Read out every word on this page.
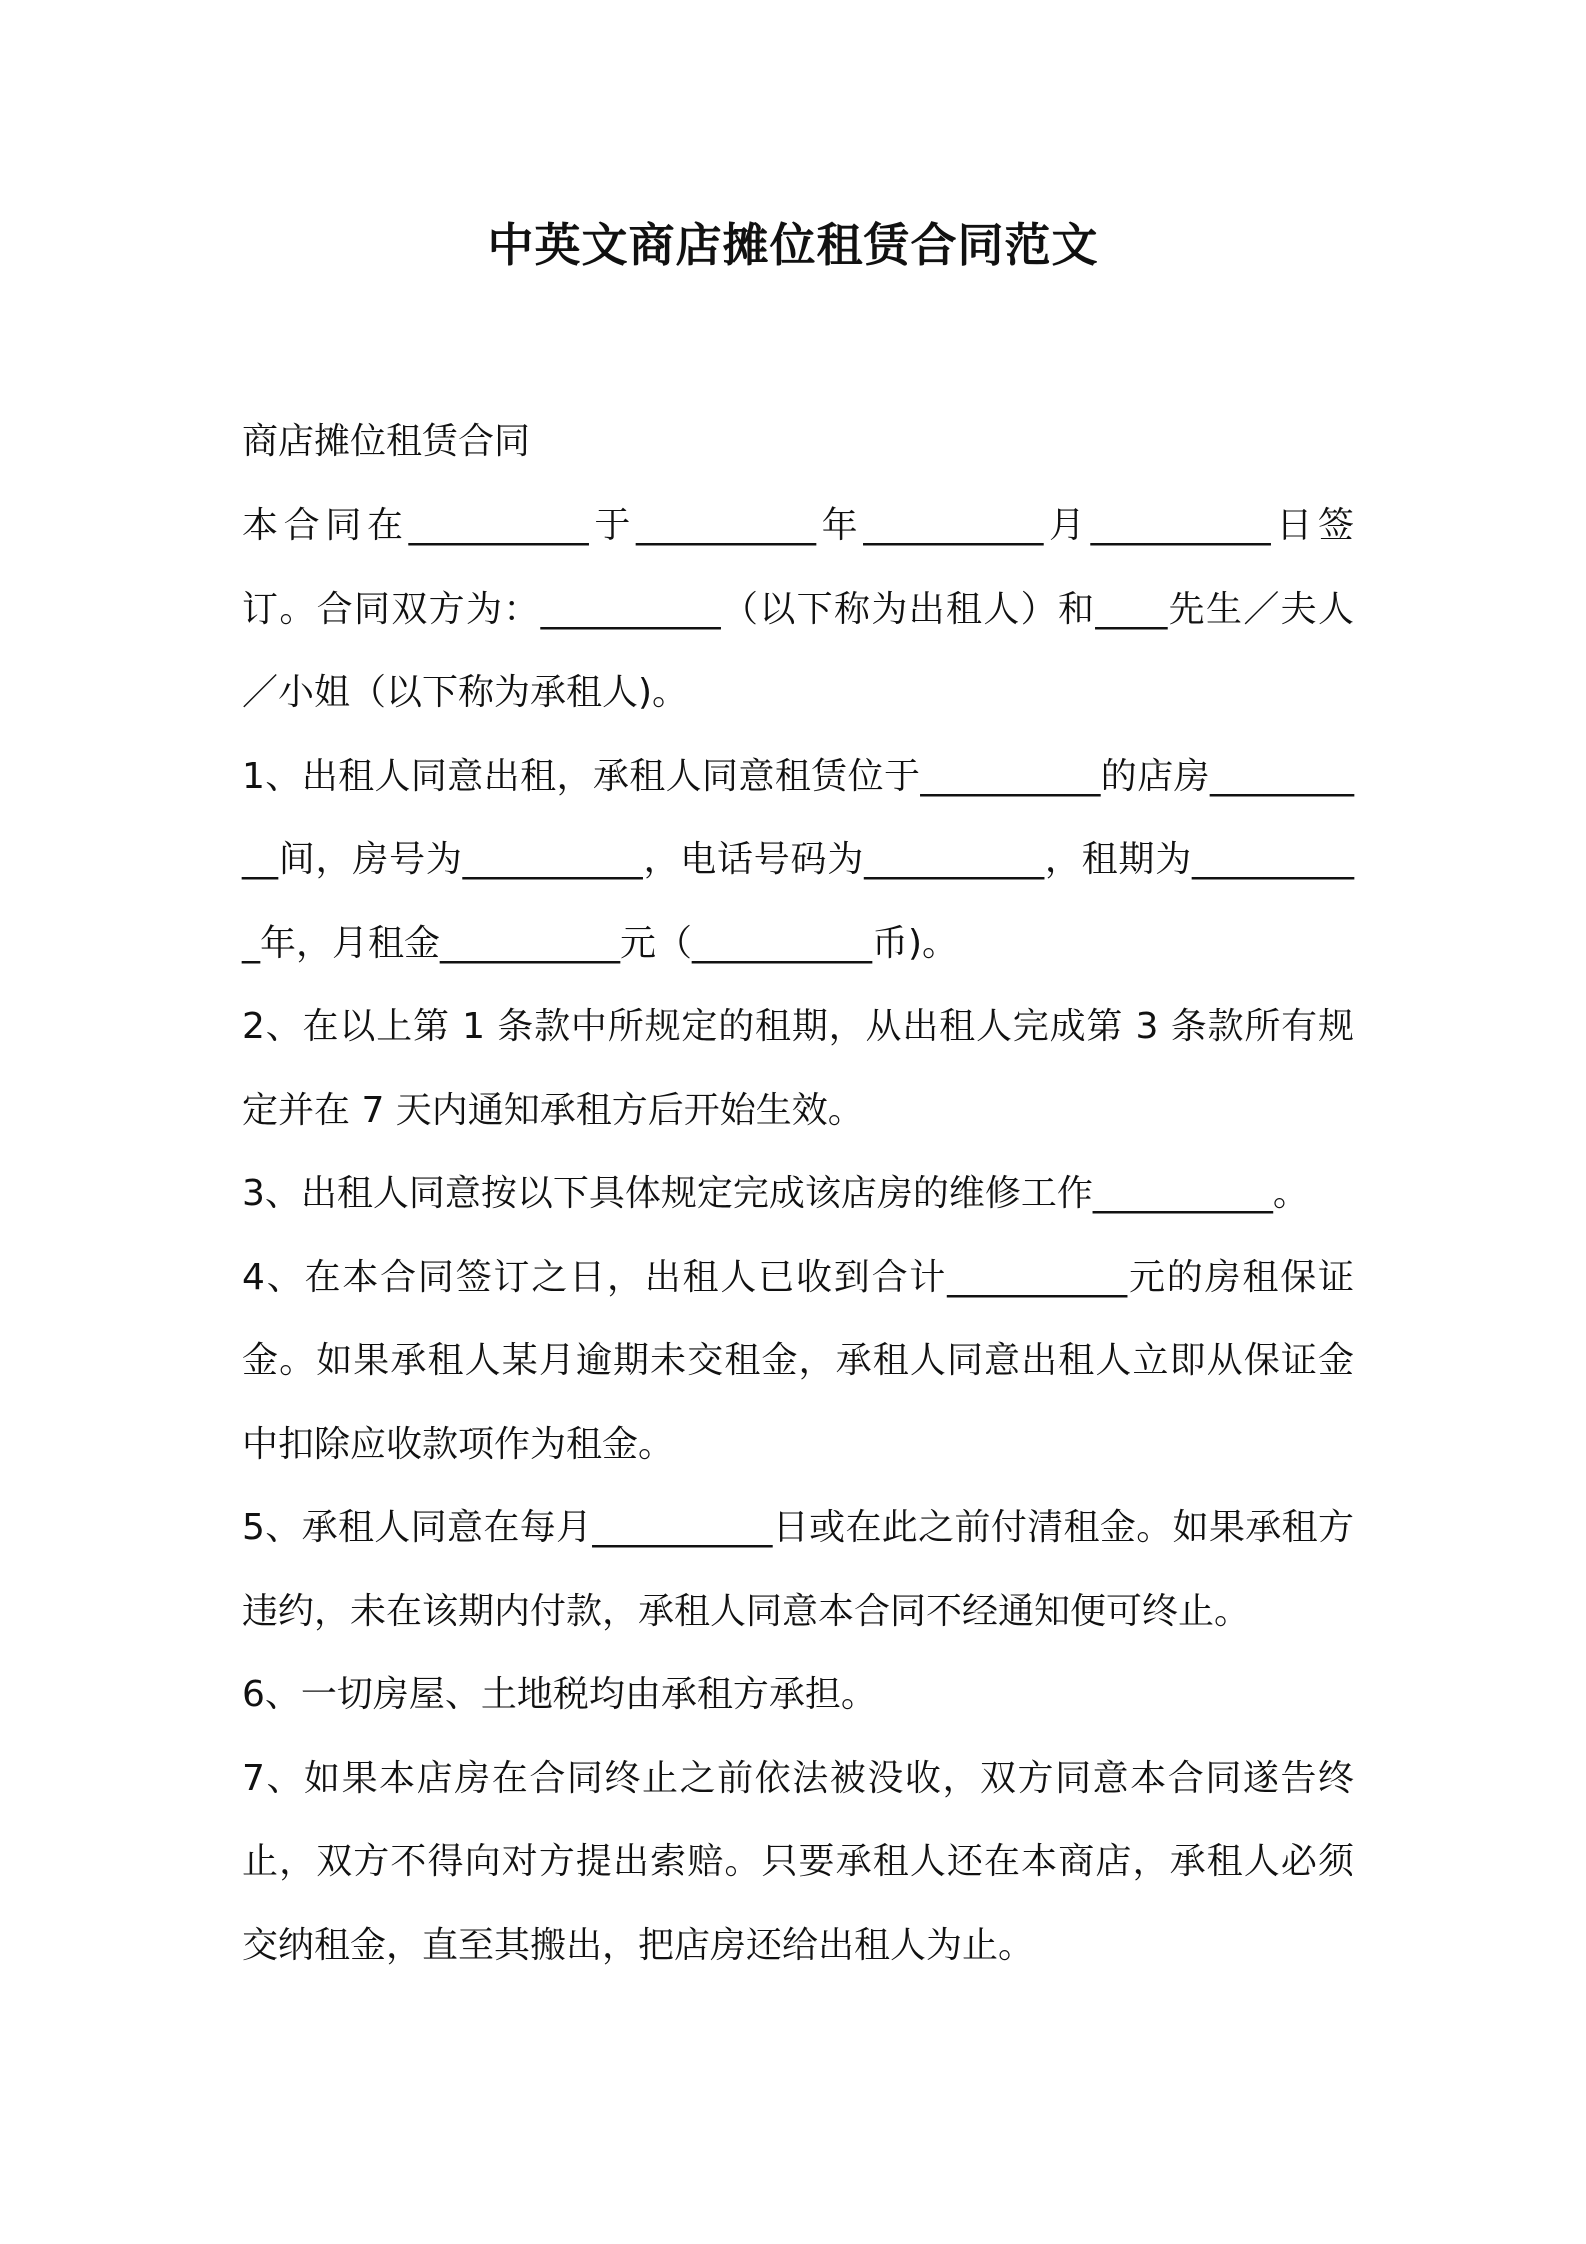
中英文商店摊位租赁合同范文

商店摊位租赁合同

本合同在__________于__________年__________月__________日签订。合同双方为：__________（以下称为出租人）和____先生／夫人／小姐（以下称为承租人)。

1、出租人同意出租，承租人同意租赁位于__________的店房__________间，房号为__________，电话号码为__________，租期为__________年，月租金__________元（__________币)。

2、在以上第 1 条款中所规定的租期，从出租人完成第 3 条款所有规定并在 7 天内通知承租方后开始生效。

3、出租人同意按以下具体规定完成该店房的维修工作__________。

4、在本合同签订之日，出租人已收到合计__________元的房租保证金。如果承租人某月逾期未交租金，承租人同意出租人立即从保证金中扣除应收款项作为租金。

5、承租人同意在每月__________日或在此之前付清租金。如果承租方违约，未在该期内付款，承租人同意本合同不经通知便可终止。

6、一切房屋、土地税均由承租方承担。

7、如果本店房在合同终止之前依法被没收，双方同意本合同遂告终止，双方不得向对方提出索赔。只要承租人还在本商店，承租人必须交纳租金，直至其搬出，把店房还给出租人为止。
